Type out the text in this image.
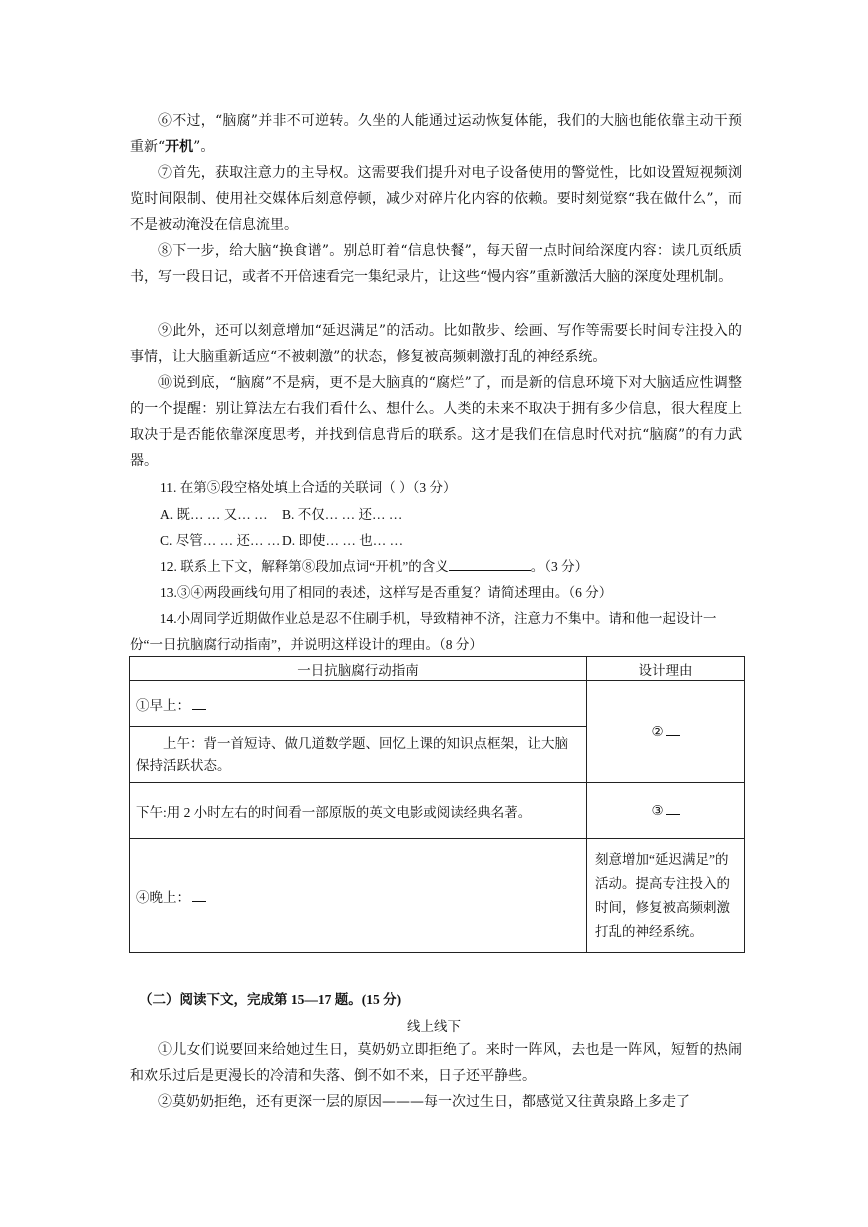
⑥不过，“脑腐”并非不可逆转。久坐的人能通过运动恢复体能，我们的大脑也能依靠主动干预重新“开机”。
⑦首先，获取注意力的主导权。这需要我们提升对电子设备使用的警觉性，比如设置短视频浏览时间限制、使用社交媒体后刻意停顿，减少对碎片化内容的依赖。要时刻觉察“我在做什么”，而不是被动淹没在信息流里。
⑧下一步，给大脑“换食谱”。别总盯着“信息快餐”，每天留一点时间给深度内容：读几页纸质书，写一段日记，或者不开倍速看完一集纪录片，让这些“慢内容”重新激活大脑的深度处理机制。
⑨此外，还可以刻意增加“延迟满足”的活动。比如散步、绘画、写作等需要长时间专注投入的事情，让大脑重新适应“不被刺激”的状态，修复被高频刺激打乱的神经系统。
⑩说到底，“脑腐”不是病，更不是大脑真的“腐烂”了，而是新的信息环境下对大脑适应性调整的一个提醒：别让算法左右我们看什么、想什么。人类的未来不取决于拥有多少信息，很大程度上取决于是否能依靠深度思考，并找到信息背后的联系。这才是我们在信息时代对抗“脑腐”的有力武器。
11. 在第⑤段空格处填上合适的关联词（ ）（3 分）
A. 既… … 又… … B. 不仅… … 还… …
C. 尽管… … 还… … D. 即使… … 也… …
12. 联系上下文，解释第⑧段加点词“开机”的含义	。（3 分）
13.③④两段画线句用了相同的表述，这样写是否重复？请简述理由。（6 分）
14.小周同学近期做作业总是忍不住刷手机，导致精神不济，注意力不集中。请和他一起设计一份“一日抗脑腐行动指南”，并说明这样设计的理由。（8 分）
一日抗脑腐行动指南	设计理由
①早上：	②
上午：背一首短诗、做几道数学题、回忆上课的知识点框架，让大脑保持活跃状态。	
下午:用 2 小时左右的时间看一部原版的英文电影或阅读经典名著。	③
④晚上：	刻意增加“延迟满足”的活动。提高专注投入的时间，修复被高频刺激打乱的神经系统。
（二）阅读下文，完成第 15—17 题。(15 分)
线上线下
①儿女们说要回来给她过生日，莫奶奶立即拒绝了。来时一阵风，去也是一阵风，短暂的热闹和欢乐过后是更漫长的冷清和失落、倒不如不来，日子还平静些。
②莫奶奶拒绝，还有更深一层的原因———每一次过生日，都感觉又往黄泉路上多走了
